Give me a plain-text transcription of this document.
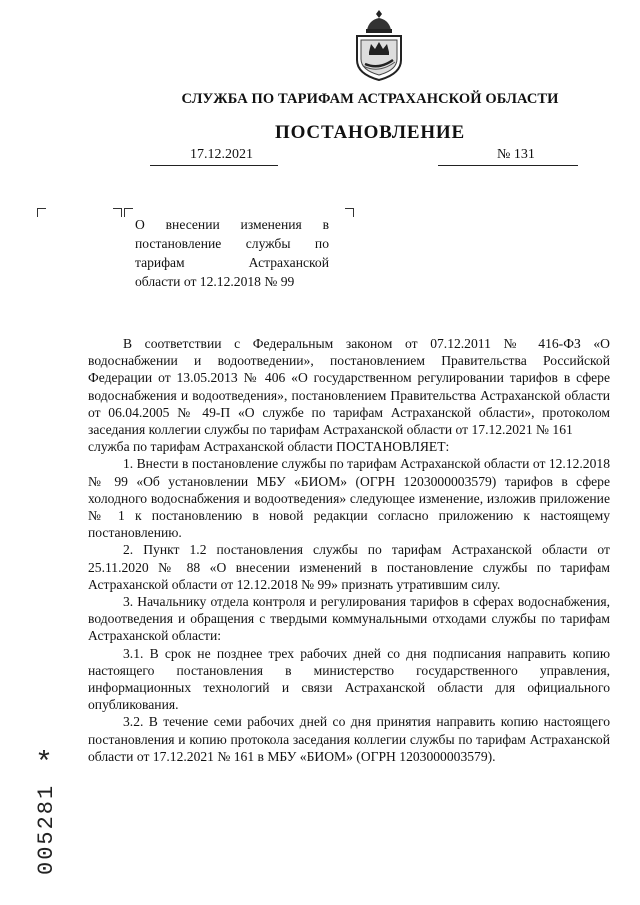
СЛУЖБА ПО ТАРИФАМ АСТРАХАНСКОЙ ОБЛАСТИ
ПОСТАНОВЛЕНИЕ
17.12.2021	№ 131
О внесении изменения в
постановление службы по
тарифам Астраханской
области от 12.12.2018 № 99

В соответствии с Федеральным законом от 07.12.2011 № 416-ФЗ «О водоснабжении и водоотведении», постановлением Правительства Российской Федерации от 13.05.2013 № 406 «О государственном регулировании тарифов в сфере водоснабжения и водоотведения», постановлением Правительства Астраханской области от 06.04.2005 № 49-П «О службе по тарифам Астраханской области», протоколом заседания коллегии службы по тарифам Астраханской области от 17.12.2021 № 161

служба по тарифам Астраханской области ПОСТАНОВЛЯЕТ:

1. Внести в постановление службы по тарифам Астраханской области от 12.12.2018 № 99 «Об установлении МБУ «БИОМ» (ОГРН 1203000003579) тарифов в сфере холодного водоснабжения и водоотведения» следующее изменение, изложив приложение № 1 к постановлению в новой редакции согласно приложению к настоящему постановлению.

2. Пункт 1.2 постановления службы по тарифам Астраханской области от 25.11.2020 № 88 «О внесении изменений в постановление службы по тарифам Астраханской области от 12.12.2018 № 99» признать утратившим силу.

3. Начальнику отдела контроля и регулирования тарифов в сферах водоснабжения, водоотведения и обращения с твердыми коммунальными отходами службы по тарифам Астраханской области:

3.1. В срок не позднее трех рабочих дней со дня подписания направить копию настоящего постановления в министерство государственного управления, информационных технологий и связи Астраханской области для официального опубликования.

3.2. В течение семи рабочих дней со дня принятия направить копию настоящего постановления и копию протокола заседания коллегии службы по тарифам Астраханской области от 17.12.2021 № 161 в МБУ «БИОМ» (ОГРН 1203000003579).

*
005281
